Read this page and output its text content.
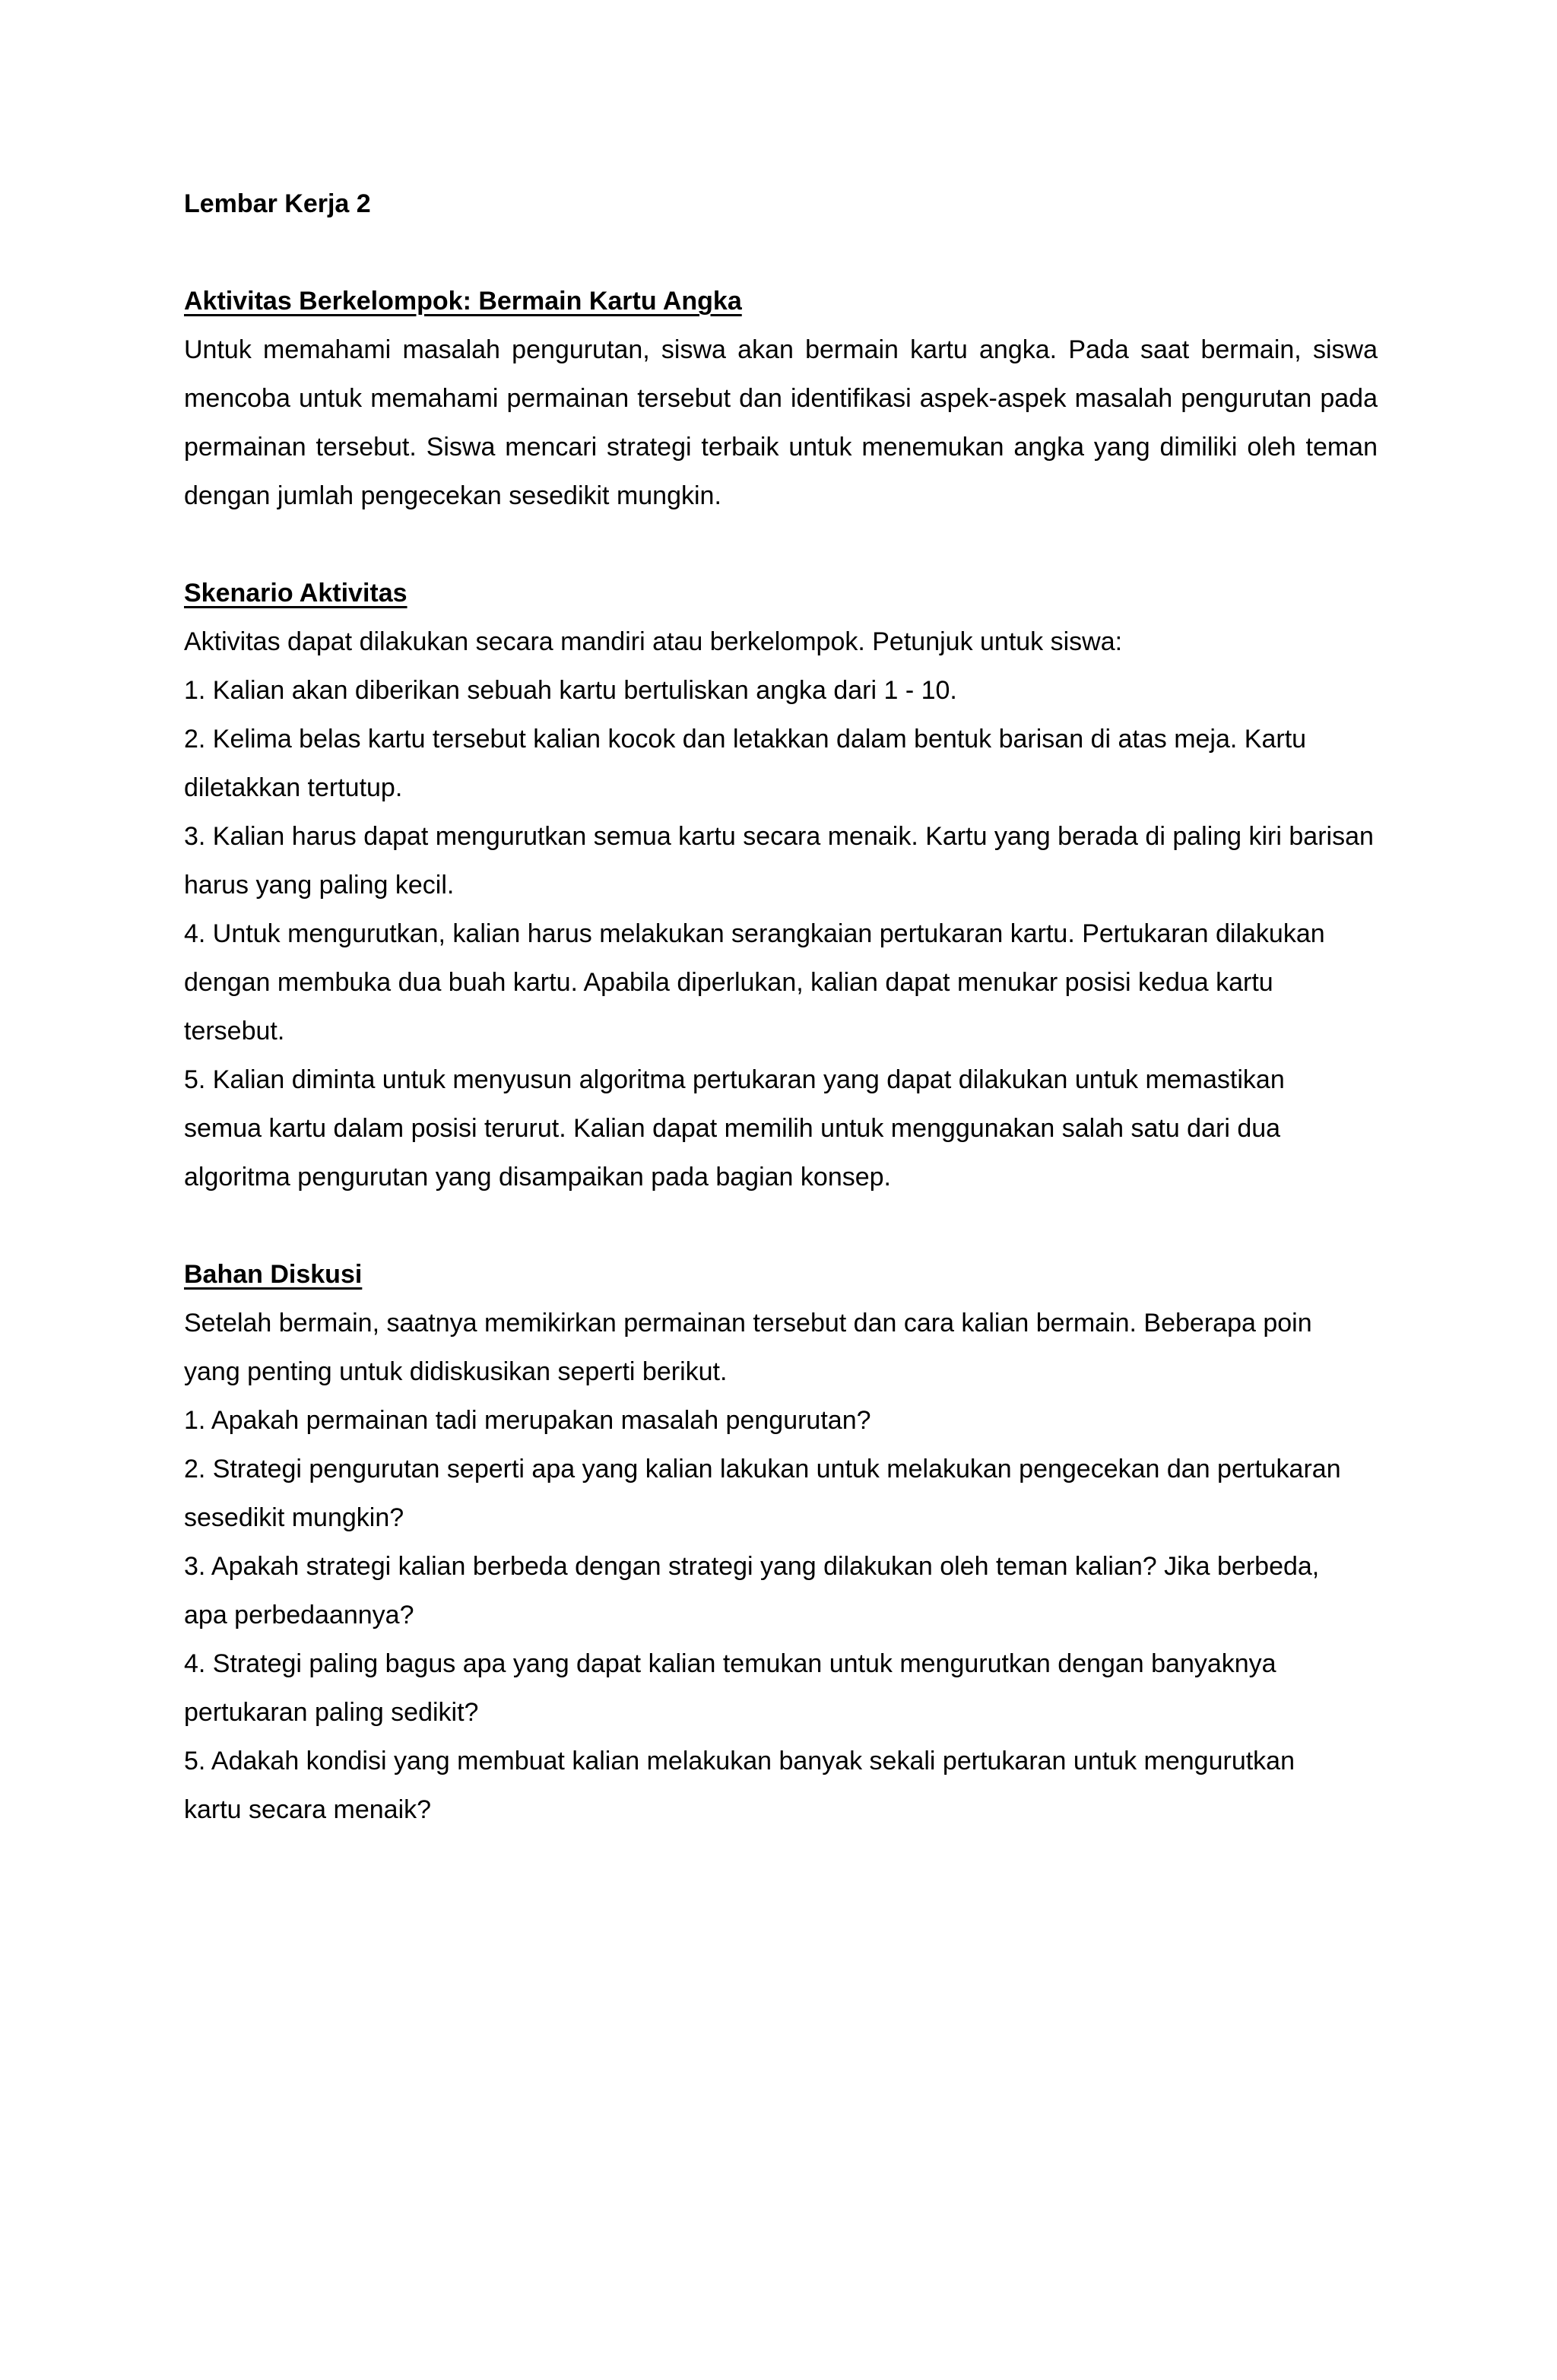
Lembar Kerja 2

Aktivitas Berkelompok: Bermain Kartu Angka

Untuk memahami masalah pengurutan, siswa akan bermain kartu angka. Pada saat bermain, siswa mencoba untuk memahami permainan tersebut dan identifikasi aspek-aspek masalah pengurutan pada permainan tersebut. Siswa mencari strategi terbaik untuk menemukan angka yang dimiliki oleh teman dengan jumlah pengecekan sesedikit mungkin.

Skenario Aktivitas

Aktivitas dapat dilakukan secara mandiri atau berkelompok. Petunjuk untuk siswa:

1. Kalian akan diberikan sebuah kartu bertuliskan angka dari 1 - 10.
2. Kelima belas kartu tersebut kalian kocok dan letakkan dalam bentuk barisan di atas meja. Kartu diletakkan tertutup.
3. Kalian harus dapat mengurutkan semua kartu secara menaik. Kartu yang berada di paling kiri barisan harus yang paling kecil.
4. Untuk mengurutkan, kalian harus melakukan serangkaian pertukaran kartu. Pertukaran dilakukan dengan membuka dua buah kartu. Apabila diperlukan, kalian dapat menukar posisi kedua kartu tersebut.
5. Kalian diminta untuk menyusun algoritma pertukaran yang dapat dilakukan untuk memastikan semua kartu dalam posisi terurut. Kalian dapat memilih untuk menggunakan salah satu dari dua algoritma pengurutan yang disampaikan pada bagian konsep.

Bahan Diskusi

Setelah bermain, saatnya memikirkan permainan tersebut dan cara kalian bermain. Beberapa poin yang penting untuk didiskusikan seperti berikut.

1. Apakah permainan tadi merupakan masalah pengurutan?
2. Strategi pengurutan seperti apa yang kalian lakukan untuk melakukan pengecekan dan pertukaran sesedikit mungkin?
3. Apakah strategi kalian berbeda dengan strategi yang dilakukan oleh teman kalian? Jika berbeda, apa perbedaannya?
4. Strategi paling bagus apa yang dapat kalian temukan untuk mengurutkan dengan banyaknya pertukaran paling sedikit?
5. Adakah kondisi yang membuat kalian melakukan banyak sekali pertukaran untuk mengurutkan kartu secara menaik?
